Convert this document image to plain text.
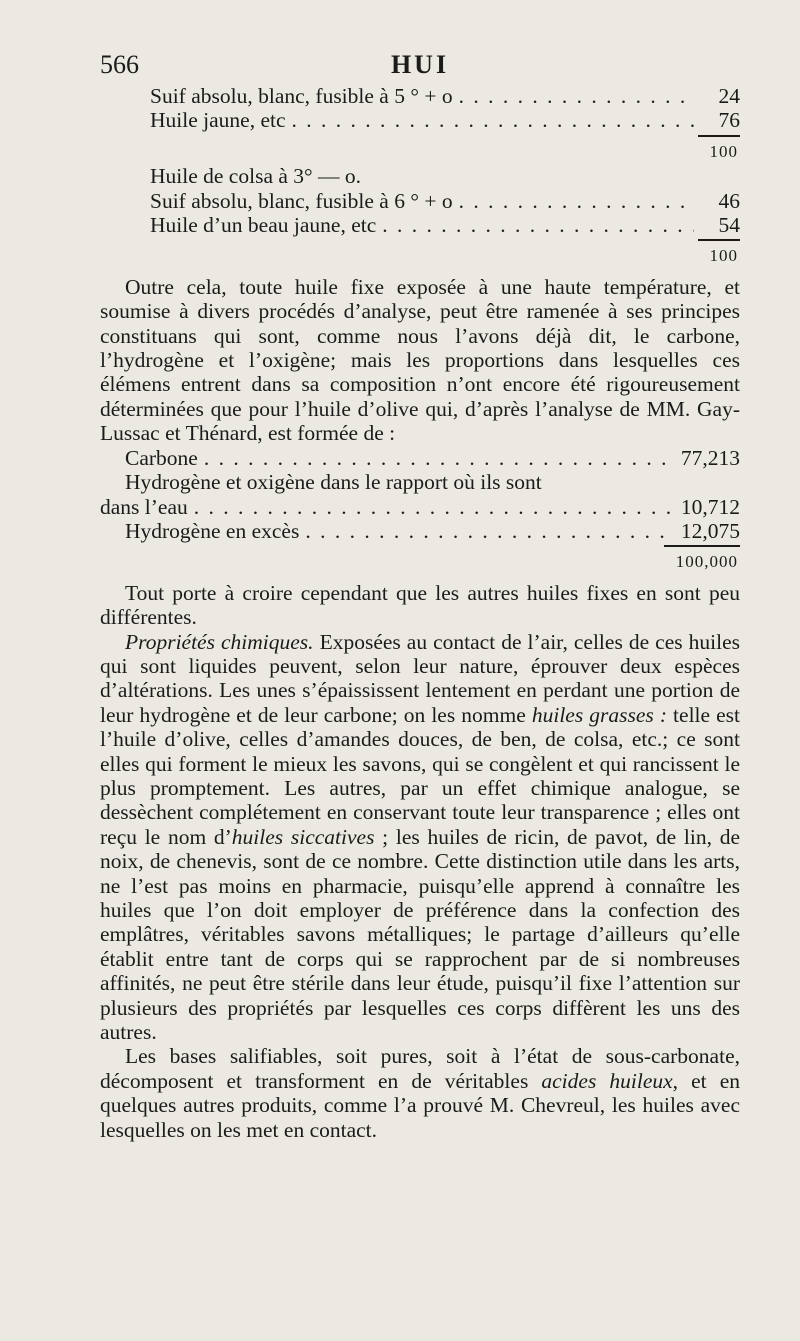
566	HUI
Suif absolu, blanc, fusible à 5 ° + o . . .	24
Huile jaune, etc . . .	76
100
Huile de colsa à 3° — o.
Suif absolu, blanc, fusible à 6 ° + o . . .	46
Huile d’un beau jaune, etc . . .	54
100

Outre cela, toute huile fixe exposée à une haute température, et soumise à divers procédés d’analyse, peut être ramenée à ses principes constituans qui sont, comme nous l’avons déjà dit, le carbone, l’hydrogène et l’oxigène; mais les proportions dans lesquelles ces élémens entrent dans sa composition n’ont encore été rigoureusement déterminées que pour l’huile d’olive qui, d’après l’analyse de MM. Gay-Lussac et Thénard, est formée de :

Carbone . . .	77,213
Hydrogène et oxigène dans le rapport où ils sont
dans l’eau . . .	10,712
Hydrogène en excès . . .	12,075
100,000

Tout porte à croire cependant que les autres huiles fixes en sont peu différentes.

Propriétés chimiques. Exposées au contact de l’air, celles de ces huiles qui sont liquides peuvent, selon leur nature, éprouver deux espèces d’altérations. Les unes s’épaississent lentement en perdant une portion de leur hydrogène et de leur carbone; on les nomme huiles grasses : telle est l’huile d’olive, celles d’amandes douces, de ben, de colsa, etc.; ce sont elles qui forment le mieux les savons, qui se congèlent et qui rancissent le plus promptement. Les autres, par un effet chimique analogue, se dessèchent complétement en conservant toute leur transparence ; elles ont reçu le nom d’huiles siccatives ; les huiles de ricin, de pavot, de lin, de noix, de chenevis, sont de ce nombre. Cette distinction utile dans les arts, ne l’est pas moins en pharmacie, puisqu’elle apprend à connaître les huiles que l’on doit employer de préférence dans la confection des emplâtres, véritables savons métalliques; le partage d’ailleurs qu’elle établit entre tant de corps qui se rapprochent par de si nombreuses affinités, ne peut être stérile dans leur étude, puisqu’il fixe l’attention sur plusieurs des propriétés par lesquelles ces corps diffèrent les uns des autres.

Les bases salifiables, soit pures, soit à l’état de sous-carbonate, décomposent et transforment en de véritables acides huileux, et en quelques autres produits, comme l’a prouvé M. Chevreul, les huiles avec lesquelles on les met en contact.
